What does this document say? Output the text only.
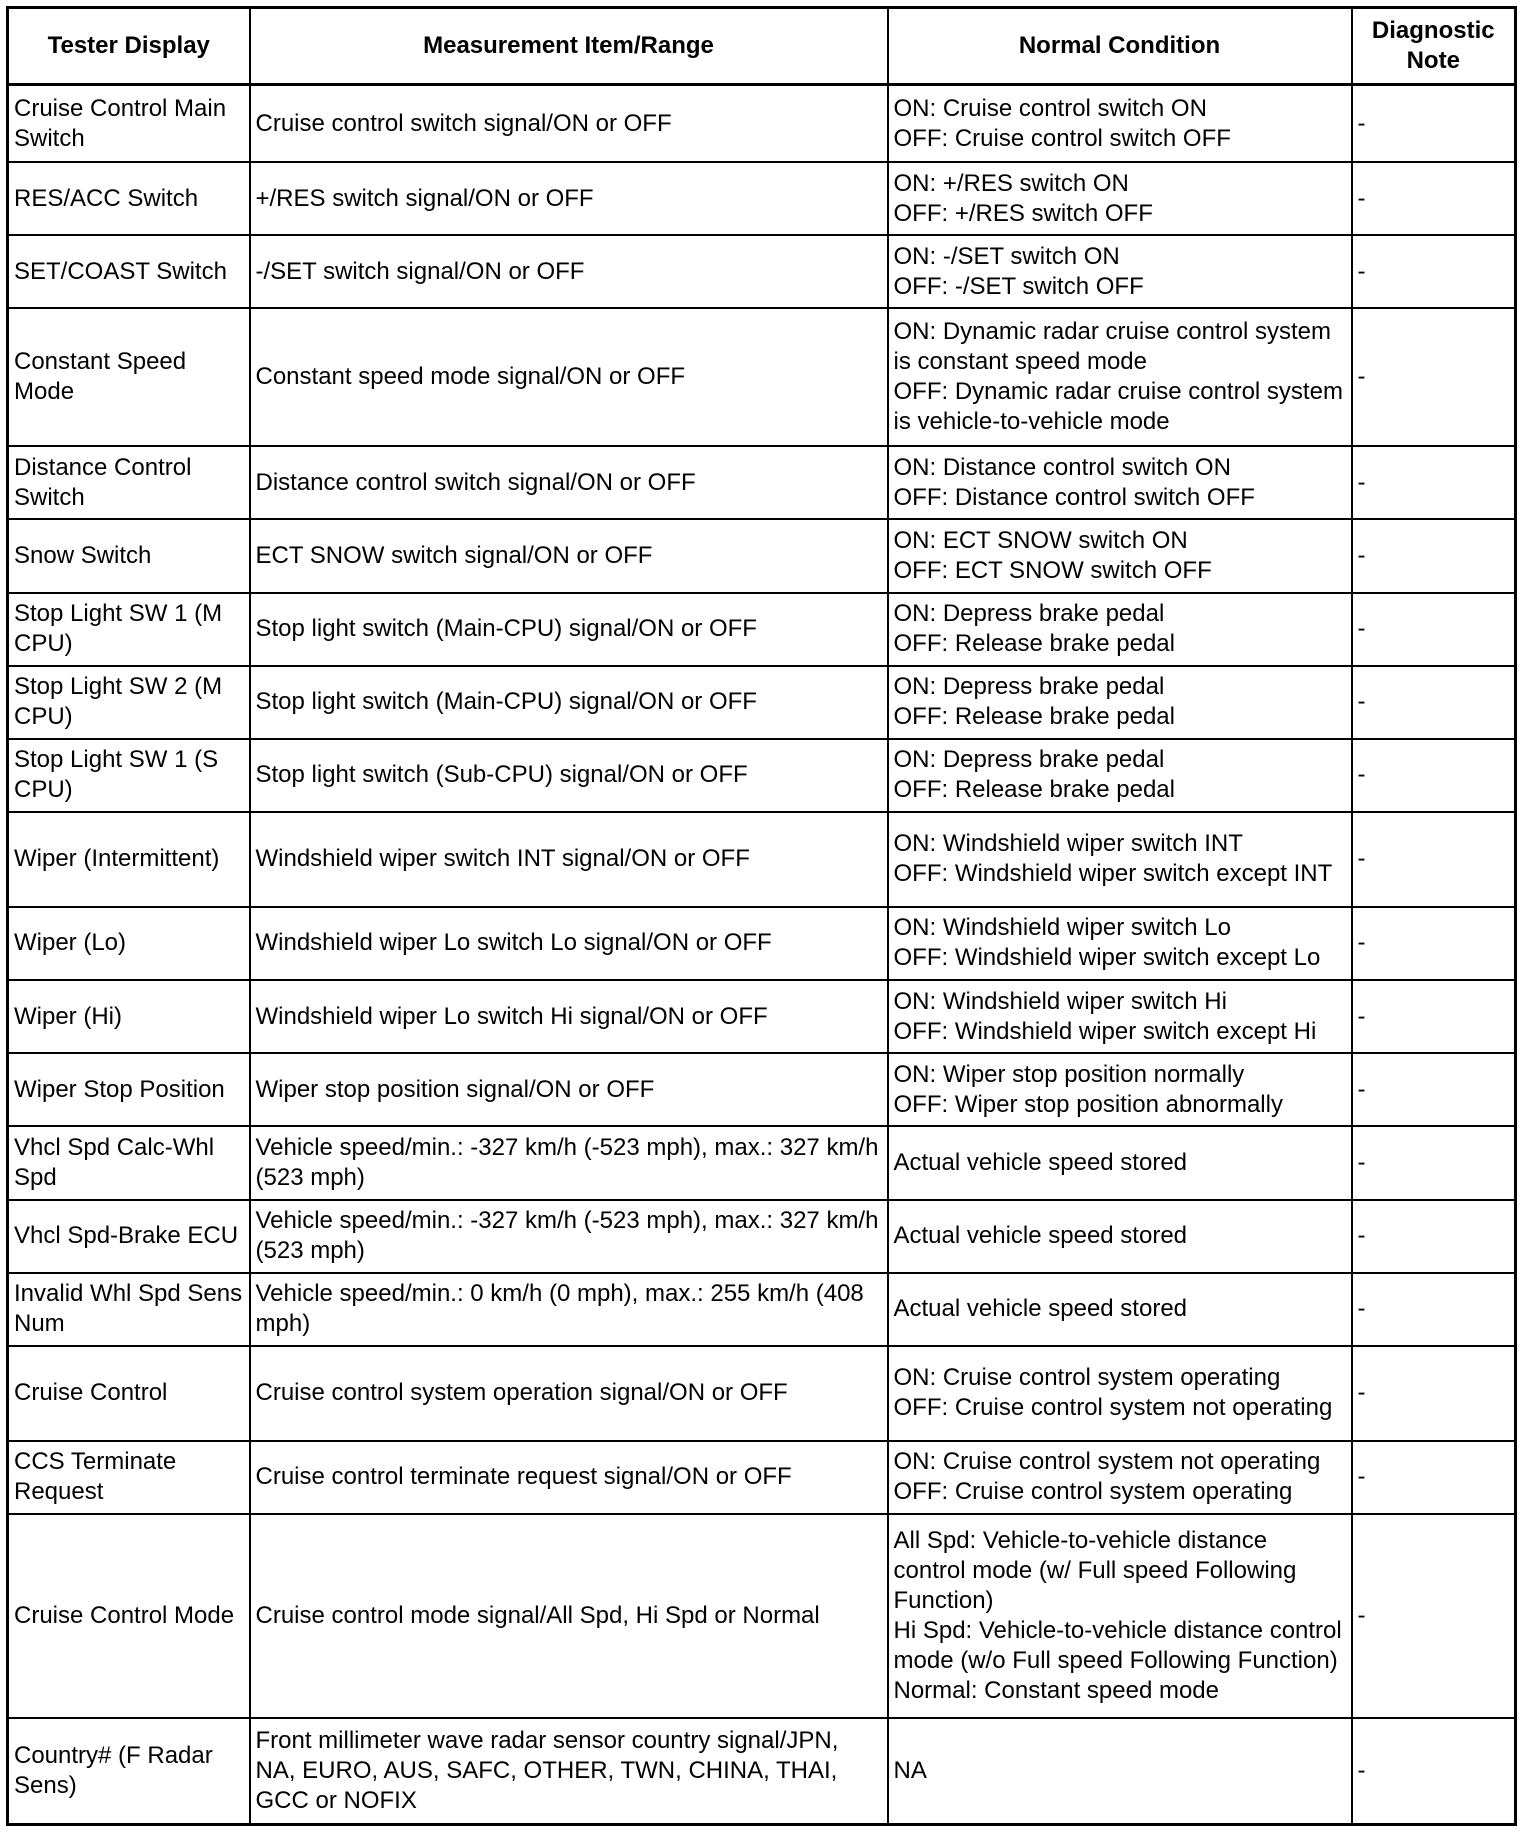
Tester Display	Measurement Item/Range	Normal Condition	Diagnostic Note
Cruise Control Main Switch	Cruise control switch signal/ON or OFF	ON: Cruise control switch ON
OFF: Cruise control switch OFF	-
RES/ACC Switch	+/RES switch signal/ON or OFF	ON: +/RES switch ON
OFF: +/RES switch OFF	-
SET/COAST Switch	-/SET switch signal/ON or OFF	ON: -/SET switch ON
OFF: -/SET switch OFF	-
Constant Speed Mode	Constant speed mode signal/ON or OFF	ON: Dynamic radar cruise control system is constant speed mode
OFF: Dynamic radar cruise control system is vehicle-to-vehicle mode	-
Distance Control Switch	Distance control switch signal/ON or OFF	ON: Distance control switch ON
OFF: Distance control switch OFF	-
Snow Switch	ECT SNOW switch signal/ON or OFF	ON: ECT SNOW switch ON
OFF: ECT SNOW switch OFF	-
Stop Light SW 1 (M CPU)	Stop light switch (Main-CPU) signal/ON or OFF	ON: Depress brake pedal
OFF: Release brake pedal	-
Stop Light SW 2 (M CPU)	Stop light switch (Main-CPU) signal/ON or OFF	ON: Depress brake pedal
OFF: Release brake pedal	-
Stop Light SW 1 (S CPU)	Stop light switch (Sub-CPU) signal/ON or OFF	ON: Depress brake pedal
OFF: Release brake pedal	-
Wiper (Intermittent)	Windshield wiper switch INT signal/ON or OFF	ON: Windshield wiper switch INT
OFF: Windshield wiper switch except INT	-
Wiper (Lo)	Windshield wiper Lo switch Lo signal/ON or OFF	ON: Windshield wiper switch Lo
OFF: Windshield wiper switch except Lo	-
Wiper (Hi)	Windshield wiper Lo switch Hi signal/ON or OFF	ON: Windshield wiper switch Hi
OFF: Windshield wiper switch except Hi	-
Wiper Stop Position	Wiper stop position signal/ON or OFF	ON: Wiper stop position normally
OFF: Wiper stop position abnormally	-
Vhcl Spd Calc-Whl Spd	Vehicle speed/min.: -327 km/h (-523 mph), max.: 327 km/h (523 mph)	Actual vehicle speed stored	-
Vhcl Spd-Brake ECU	Vehicle speed/min.: -327 km/h (-523 mph), max.: 327 km/h (523 mph)	Actual vehicle speed stored	-
Invalid Whl Spd Sens Num	Vehicle speed/min.: 0 km/h (0 mph), max.: 255 km/h (408 mph)	Actual vehicle speed stored	-
Cruise Control	Cruise control system operation signal/ON or OFF	ON: Cruise control system operating
OFF: Cruise control system not operating	-
CCS Terminate Request	Cruise control terminate request signal/ON or OFF	ON: Cruise control system not operating
OFF: Cruise control system operating	-
Cruise Control Mode	Cruise control mode signal/All Spd, Hi Spd or Normal	All Spd: Vehicle-to-vehicle distance control mode (w/ Full speed Following Function)
Hi Spd: Vehicle-to-vehicle distance control mode (w/o Full speed Following Function)
Normal: Constant speed mode	-
Country# (F Radar Sens)	Front millimeter wave radar sensor country signal/JPN, NA, EURO, AUS, SAFC, OTHER, TWN, CHINA, THAI, GCC or NOFIX	NA	-
